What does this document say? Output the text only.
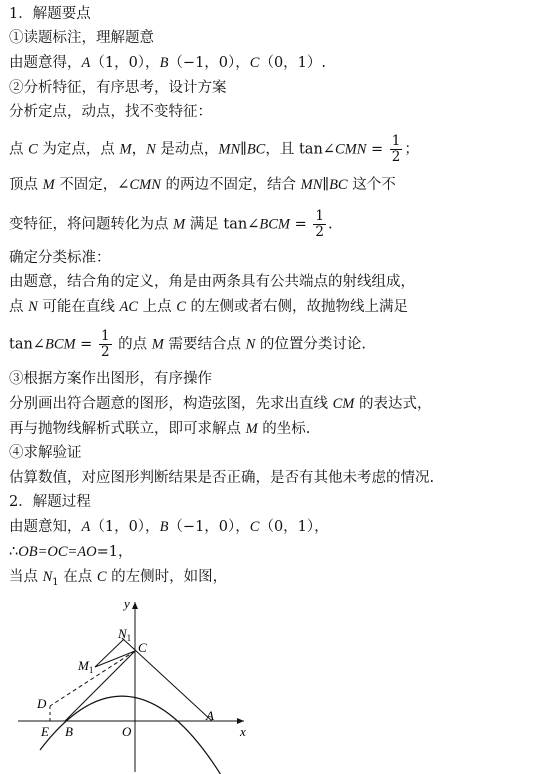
1．解题要点
①读题标注，理解题意
由题意得，A（1，0），B（−1，0），C（0，1）.
②分析特征，有序思考，设计方案
分析定点，动点，找不变特征：
点 C 为定点，点 M，N 是动点，MN∥BC，且 tan∠CMN = $\frac{1}{2}$ ；
顶点 M 不固定，∠CMN 的两边不固定，结合 MN∥BC 这个不
变特征，将问题转化为点 M 满足 tan∠BCM = $\frac{1}{2}$ .
确定分类标准：
由题意，结合角的定义，角是由两条具有公共端点的射线组成，
点 N 可能在直线 AC 上点 C 的左侧或者右侧，故抛物线上满足
tan∠BCM = $\frac{1}{2}$ 的点 M 需要结合点 N 的位置分类讨论.
③根据方案作出图形，有序操作
分别画出符合题意的图形，构造弦图，先求出直线 CM 的表达式，
再与抛物线解析式联立，即可求解点 M 的坐标.
④求解验证
估算数值，对应图形判断结果是否正确，是否有其他未考虑的情况.
2．解题过程
由题意知，A（1，0），B（−1，0），C（0，1），
∴OB=OC=AO=1，
当点 $N_1$ 在点 C 的左侧时，如图，
y
x
O
A
B
C
D
E
$N_1$
$M_1$
